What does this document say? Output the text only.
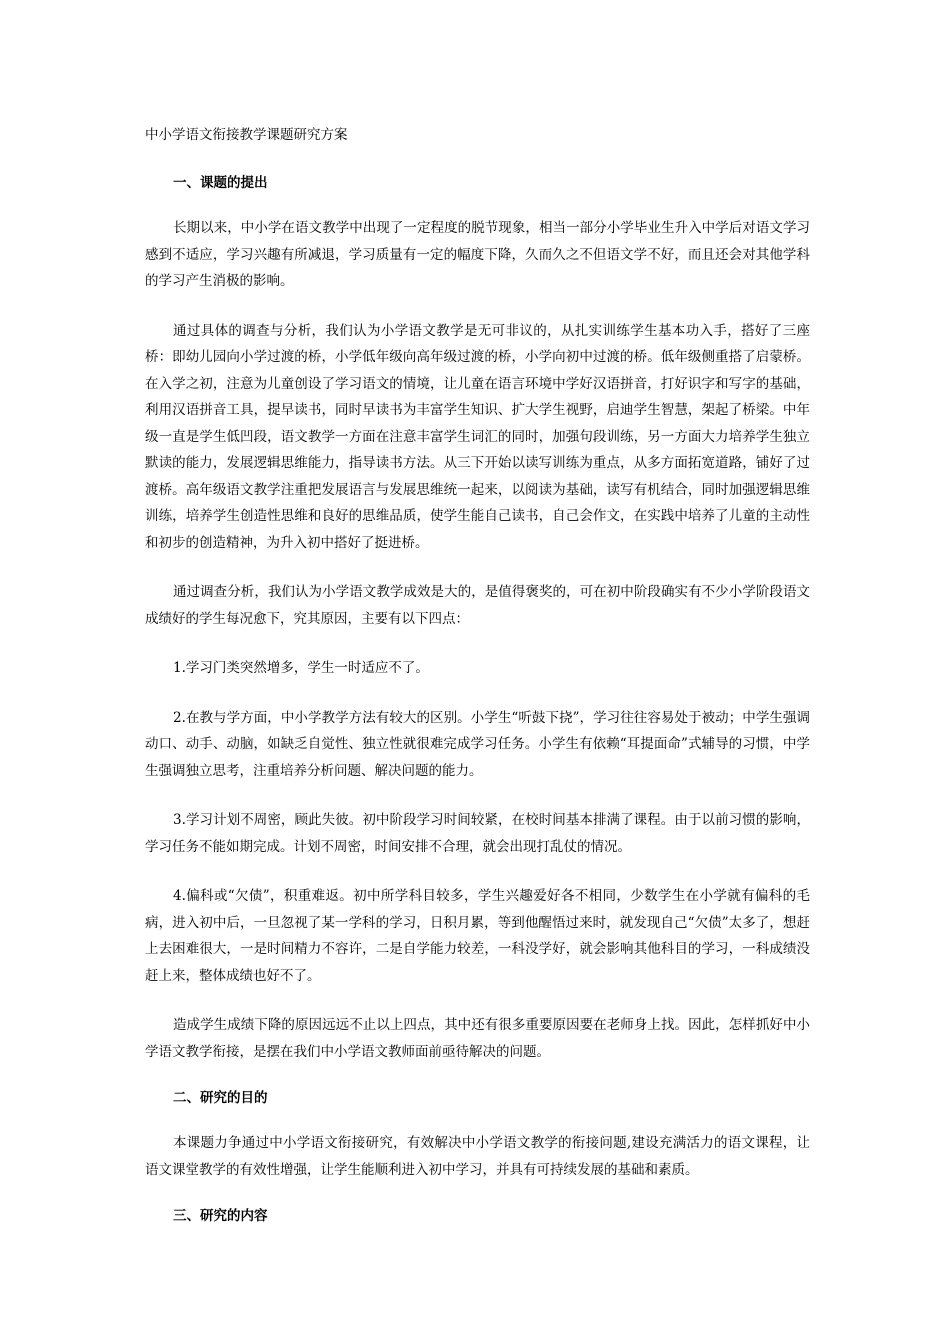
中小学语文衔接教学课题研究方案
一、课题的提出

长期以来，中小学在语文教学中出现了一定程度的脱节现象，相当一部分小学毕业生升入中学后对语文学习感到不适应，学习兴趣有所减退，学习质量有一定的幅度下降，久而久之不但语文学不好，而且还会对其他学科的学习产生消极的影响。

通过具体的调查与分析，我们认为小学语文教学是无可非议的，从扎实训练学生基本功入手，搭好了三座桥：即幼儿园向小学过渡的桥，小学低年级向高年级过渡的桥，小学向初中过渡的桥。低年级侧重搭了启蒙桥。在入学之初，注意为儿童创设了学习语文的情境，让儿童在语言环境中学好汉语拼音，打好识字和写字的基础，利用汉语拼音工具，提早读书，同时早读书为丰富学生知识、扩大学生视野，启迪学生智慧，架起了桥梁。中年级一直是学生低凹段，语文教学一方面在注意丰富学生词汇的同时，加强句段训练，另一方面大力培养学生独立默读的能力，发展逻辑思维能力，指导读书方法。从三下开始以读写训练为重点，从多方面拓宽道路，铺好了过渡桥。高年级语文教学注重把发展语言与发展思维统一起来，以阅读为基础，读写有机结合，同时加强逻辑思维训练，培养学生创造性思维和良好的思维品质，使学生能自己读书，自己会作文，在实践中培养了儿童的主动性和初步的创造精神，为升入初中搭好了挺进桥。

通过调查分析，我们认为小学语文教学成效是大的，是值得褒奖的，可在初中阶段确实有不少小学阶段语文成绩好的学生每况愈下，究其原因，主要有以下四点：

1.学习门类突然增多，学生一时适应不了。

2.在教与学方面，中小学教学方法有较大的区别。小学生“听鼓下挠”，学习往往容易处于被动；中学生强调动口、动手、动脑，如缺乏自觉性、独立性就很难完成学习任务。小学生有依赖“耳提面命”式辅导的习惯，中学生强调独立思考，注重培养分析问题、解决问题的能力。

3.学习计划不周密，顾此失彼。初中阶段学习时间较紧，在校时间基本排满了课程。由于以前习惯的影响，学习任务不能如期完成。计划不周密，时间安排不合理，就会出现打乱仗的情况。

4.偏科或“欠债”，积重难返。初中所学科目较多，学生兴趣爱好各不相同，少数学生在小学就有偏科的毛病，进入初中后，一旦忽视了某一学科的学习，日积月累，等到他醒悟过来时，就发现自己“欠债”太多了，想赶上去困难很大，一是时间精力不容许，二是自学能力较差，一科没学好，就会影响其他科目的学习，一科成绩没赶上来，整体成绩也好不了。

造成学生成绩下降的原因远远不止以上四点，其中还有很多重要原因要在老师身上找。因此，怎样抓好中小学语文教学衔接，是摆在我们中小学语文教师面前亟待解决的问题。

二、研究的目的

本课题力争通过中小学语文衔接研究，有效解决中小学语文教学的衔接问题,建设充满活力的语文课程，让语文课堂教学的有效性增强，让学生能顺利进入初中学习，并具有可持续发展的基础和素质。

三、研究的内容
